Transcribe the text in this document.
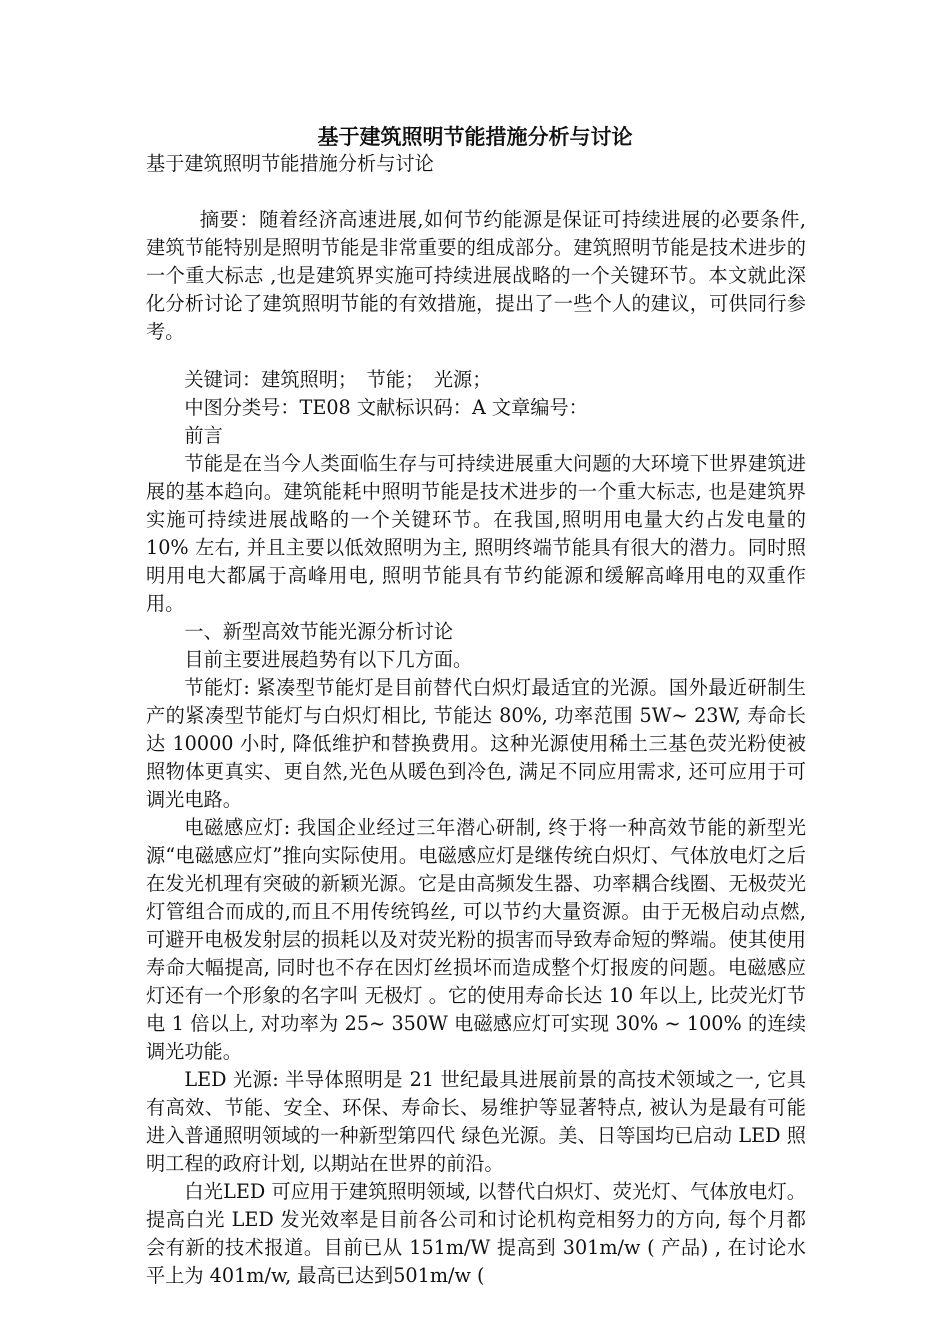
基于建筑照明节能措施分析与讨论

基于建筑照明节能措施分析与讨论

摘要：随着经济高速进展,如何节约能源是保证可持续进展的必要条件,建筑节能特别是照明节能是非常重要的组成部分。建筑照明节能是技术进步的一个重大标志 ,也是建筑界实施可持续进展战略的一个关键环节。本文就此深化分析讨论了建筑照明节能的有效措施，提出了一些个人的建议，可供同行参考。

关键词：建筑照明；　节能；　光源；

中图分类号：TE08 文献标识码：A 文章编号：

前言

节能是在当今人类面临生存与可持续进展重大问题的大环境下世界建筑进展的基本趋向。建筑能耗中照明节能是技术进步的一个重大标志, 也是建筑界实施可持续进展战略的一个关键环节。在我国,照明用电量大约占发电量的 10% 左右, 并且主要以低效照明为主, 照明终端节能具有很大的潜力。同时照明用电大都属于高峰用电, 照明节能具有节约能源和缓解高峰用电的双重作用。

一、新型高效节能光源分析讨论

目前主要进展趋势有以下几方面。

节能灯: 紧凑型节能灯是目前替代白炽灯最适宜的光源。国外最近研制生产的紧凑型节能灯与白炽灯相比, 节能达 80%, 功率范围 5W~ 23W, 寿命长达 10000 小时, 降低维护和替换费用。这种光源使用稀土三基色荧光粉使被照物体更真实、更自然,光色从暖色到冷色, 满足不同应用需求, 还可应用于可调光电路。

电磁感应灯: 我国企业经过三年潜心研制, 终于将一种高效节能的新型光源“电磁感应灯”推向实际使用。电磁感应灯是继传统白炽灯、气体放电灯之后在发光机理有突破的新颖光源。它是由高频发生器、功率耦合线圈、无极荧光灯管组合而成的,而且不用传统钨丝, 可以节约大量资源。由于无极启动点燃, 可避开电极发射层的损耗以及对荧光粉的损害而导致寿命短的弊端。使其使用寿命大幅提高, 同时也不存在因灯丝损坏而造成整个灯报废的问题。电磁感应灯还有一个形象的名字叫 无极灯 。它的使用寿命长达 10 年以上, 比荧光灯节电 1 倍以上, 对功率为 25~ 350W 电磁感应灯可实现 30% ~ 100% 的连续调光功能。

LED 光源: 半导体照明是 21 世纪最具进展前景的高技术领域之一, 它具有高效、节能、安全、环保、寿命长、易维护等显著特点, 被认为是最有可能进入普通照明领域的一种新型第四代 绿色光源。美、日等国均已启动 LED 照明工程的政府计划, 以期站在世界的前沿。

白光LED 可应用于建筑照明领域, 以替代白炽灯、荧光灯、气体放电灯。提高白光 LED 发光效率是目前各公司和讨论机构竞相努力的方向, 每个月都会有新的技术报道。目前已从 151m/W 提高到 301m/w ( 产品) , 在讨论水平上为 401m/w, 最高已达到501m/w (
